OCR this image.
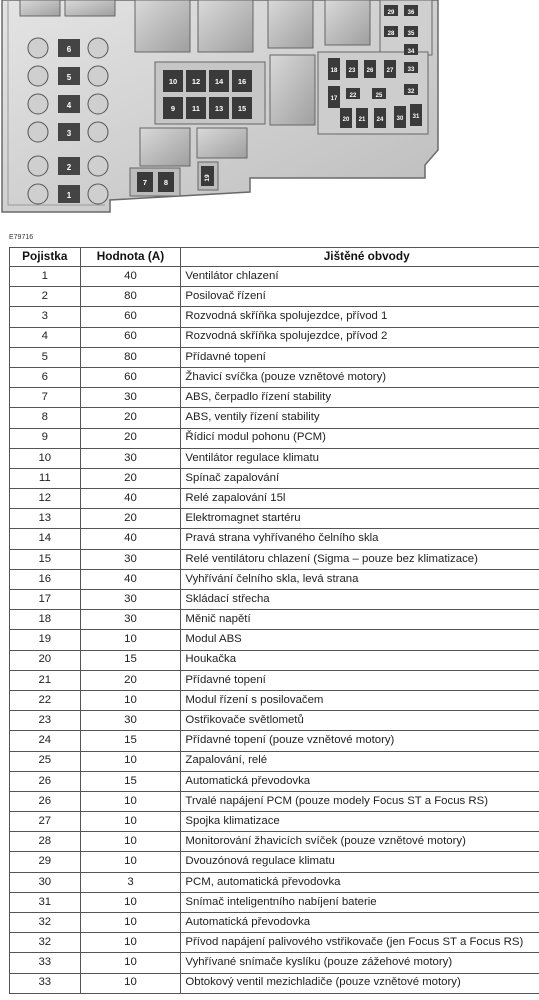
6
5
4
3
2
1
10 12 14 16
9 11 13 15
7 8	19
29 36
28 35
34
18 23 26 27 33
17 22	25
32
20 21 24 30 31
E79716
Pojistka	Hodnota (A)	Jištěné obvody
1	40	Ventilátor chlazení
2	80	Posilovač řízení
3	60	Rozvodná skříňka spolujezdce, přívod 1
4	60	Rozvodná skříňka spolujezdce, přívod 2
5	80	Přídavné topení
6	60	Žhavicí svíčka (pouze vznětové motory)
7	30	ABS, čerpadlo řízení stability
8	20	ABS, ventily řízení stability
9	20	Řídicí modul pohonu (PCM)
10	30	Ventilátor regulace klimatu
11	20	Spínač zapalování
12	40	Relé zapalování 15l
13	20	Elektromagnet startéru
14	40	Pravá strana vyhřívaného čelního skla
15	30	Relé ventilátoru chlazení (Sigma – pouze bez klimatizace)
16	40	Vyhřívání čelního skla, levá strana
17	30	Skládací střecha
18	30	Měnič napětí
19	10	Modul ABS
20	15	Houkačka
21	20	Přídavné topení
22	10	Modul řízení s posilovačem
23	30	Ostřikovače světlometů
24	15	Přídavné topení (pouze vznětové motory)
25	10	Zapalování, relé
26	15	Automatická převodovka
26	10	Trvalé napájení PCM (pouze modely Focus ST a Focus RS)
27	10	Spojka klimatizace
28	10	Monitorování žhavicích svíček (pouze vznětové motory)
29	10	Dvouzónová regulace klimatu
30	3	PCM, automatická převodovka
31	10	Snímač inteligentního nabíjení baterie
32	10	Automatická převodovka
32	10	Přívod napájení palivového vstřikovače (jen Focus ST a Focus RS)
33	10	Vyhřívané snímače kyslíku (pouze zážehové motory)
33	10	Obtokový ventil mezichladiče (pouze vznětové motory)
